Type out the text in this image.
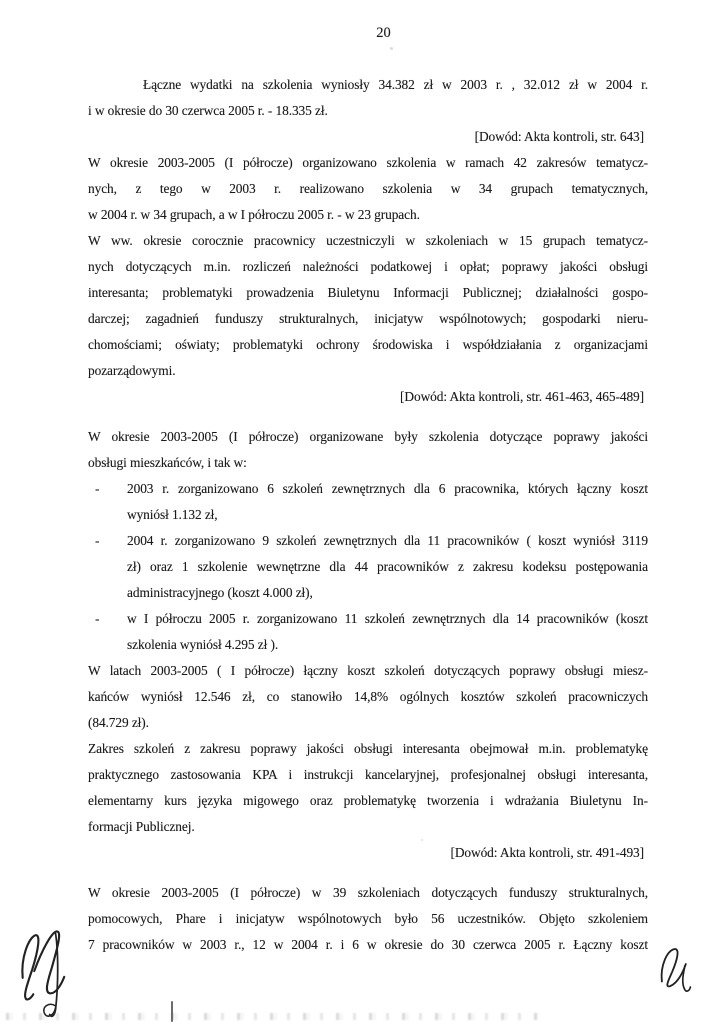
20
Łączne wydatki na szkolenia wyniosły 34.382 zł w 2003 r. , 32.012 zł w 2004 r.
i w okresie do 30 czerwca 2005 r. - 18.335 zł.
[Dowód: Akta kontroli, str. 643]
W okresie 2003-2005 (I półrocze) organizowano szkolenia w ramach 42 zakresów tematycz-
nych, z tego w 2003 r. realizowano szkolenia w 34 grupach tematycznych,
w 2004 r. w 34 grupach, a w I półroczu 2005 r. - w 23 grupach.
W ww. okresie corocznie pracownicy uczestniczyli w szkoleniach w 15 grupach tematycz-
nych dotyczących m.in. rozliczeń należności podatkowej i opłat; poprawy jakości obsługi
interesanta; problematyki prowadzenia Biuletynu Informacji Publicznej; działalności gospo-
darczej; zagadnień funduszy strukturalnych, inicjatyw wspólnotowych; gospodarki nieru-
chomościami; oświaty; problematyki ochrony środowiska i współdziałania z organizacjami
pozarządowymi.
[Dowód: Akta kontroli, str. 461-463, 465-489]
W okresie 2003-2005 (I półrocze) organizowane były szkolenia dotyczące poprawy jakości
obsługi mieszkańców, i tak w:
- 2003 r. zorganizowano 6 szkoleń zewnętrznych dla 6 pracownika, których łączny koszt
wyniósł 1.132 zł,
- 2004 r. zorganizowano 9 szkoleń zewnętrznych dla 11 pracowników ( koszt wyniósł 3119
zł) oraz 1 szkolenie wewnętrzne dla 44 pracowników z zakresu kodeksu postępowania
administracyjnego (koszt 4.000 zł),
- w I półroczu 2005 r. zorganizowano 11 szkoleń zewnętrznych dla 14 pracowników (koszt
szkolenia wyniósł 4.295 zł ).
W latach 2003-2005 ( I półrocze) łączny koszt szkoleń dotyczących poprawy obsługi miesz-
kańców wyniósł 12.546 zł, co stanowiło 14,8% ogólnych kosztów szkoleń pracowniczych
(84.729 zł).
Zakres szkoleń z zakresu poprawy jakości obsługi interesanta obejmował m.in. problematykę
praktycznego zastosowania KPA i instrukcji kancelaryjnej, profesjonalnej obsługi interesanta,
elementarny kurs języka migowego oraz problematykę tworzenia i wdrażania Biuletynu In-
formacji Publicznej.
[Dowód: Akta kontroli, str. 491-493]
W okresie 2003-2005 (I półrocze) w 39 szkoleniach dotyczących funduszy strukturalnych,
pomocowych, Phare i inicjatyw wspólnotowych było 56 uczestników. Objęto szkoleniem
7 pracowników w 2003 r., 12 w 2004 r. i 6 w okresie do 30 czerwca 2005 r. Łączny koszt
